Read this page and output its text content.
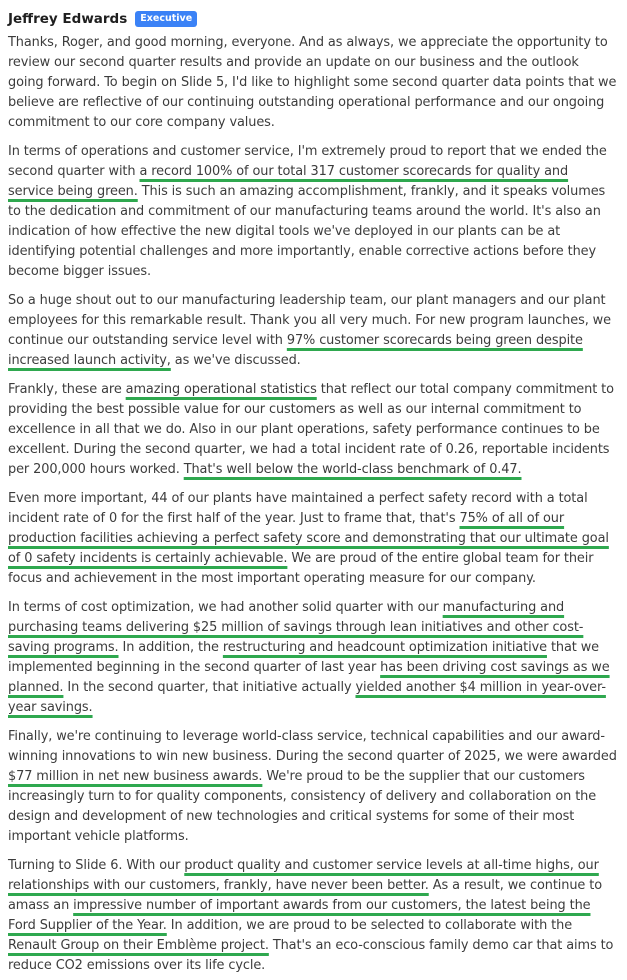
Jeffrey Edwards	Executive

Thanks, Roger, and good morning, everyone. And as always, we appreciate the opportunity to review our second quarter results and provide an update on our business and the outlook going forward. To begin on Slide 5, I'd like to highlight some second quarter data points that we believe are reflective of our continuing outstanding operational performance and our ongoing commitment to our core company values.

In terms of operations and customer service, I'm extremely proud to report that we ended the second quarter with a record 100% of our total 317 customer scorecards for quality and service being green. This is such an amazing accomplishment, frankly, and it speaks volumes to the dedication and commitment of our manufacturing teams around the world. It's also an indication of how effective the new digital tools we've deployed in our plants can be at identifying potential challenges and more importantly, enable corrective actions before they become bigger issues.

So a huge shout out to our manufacturing leadership team, our plant managers and our plant employees for this remarkable result. Thank you all very much. For new program launches, we continue our outstanding service level with 97% customer scorecards being green despite increased launch activity, as we've discussed.

Frankly, these are amazing operational statistics that reflect our total company commitment to providing the best possible value for our customers as well as our internal commitment to excellence in all that we do. Also in our plant operations, safety performance continues to be excellent. During the second quarter, we had a total incident rate of 0.26, reportable incidents per 200,000 hours worked. That's well below the world-class benchmark of 0.47.

Even more important, 44 of our plants have maintained a perfect safety record with a total incident rate of 0 for the first half of the year. Just to frame that, that's 75% of all of our production facilities achieving a perfect safety score and demonstrating that our ultimate goal of 0 safety incidents is certainly achievable. We are proud of the entire global team for their focus and achievement in the most important operating measure for our company.

In terms of cost optimization, we had another solid quarter with our manufacturing and purchasing teams delivering $25 million of savings through lean initiatives and other cost-saving programs. In addition, the restructuring and headcount optimization initiative that we implemented beginning in the second quarter of last year has been driving cost savings as we planned. In the second quarter, that initiative actually yielded another $4 million in year-over-year savings.

Finally, we're continuing to leverage world-class service, technical capabilities and our award-winning innovations to win new business. During the second quarter of 2025, we were awarded $77 million in net new business awards. We're proud to be the supplier that our customers increasingly turn to for quality components, consistency of delivery and collaboration on the design and development of new technologies and critical systems for some of their most important vehicle platforms.

Turning to Slide 6. With our product quality and customer service levels at all-time highs, our relationships with our customers, frankly, have never been better. As a result, we continue to amass an impressive number of important awards from our customers, the latest being the Ford Supplier of the Year. In addition, we are proud to be selected to collaborate with the Renault Group on their Emblème project. That's an eco-conscious family demo car that aims to reduce CO2 emissions over its life cycle.
